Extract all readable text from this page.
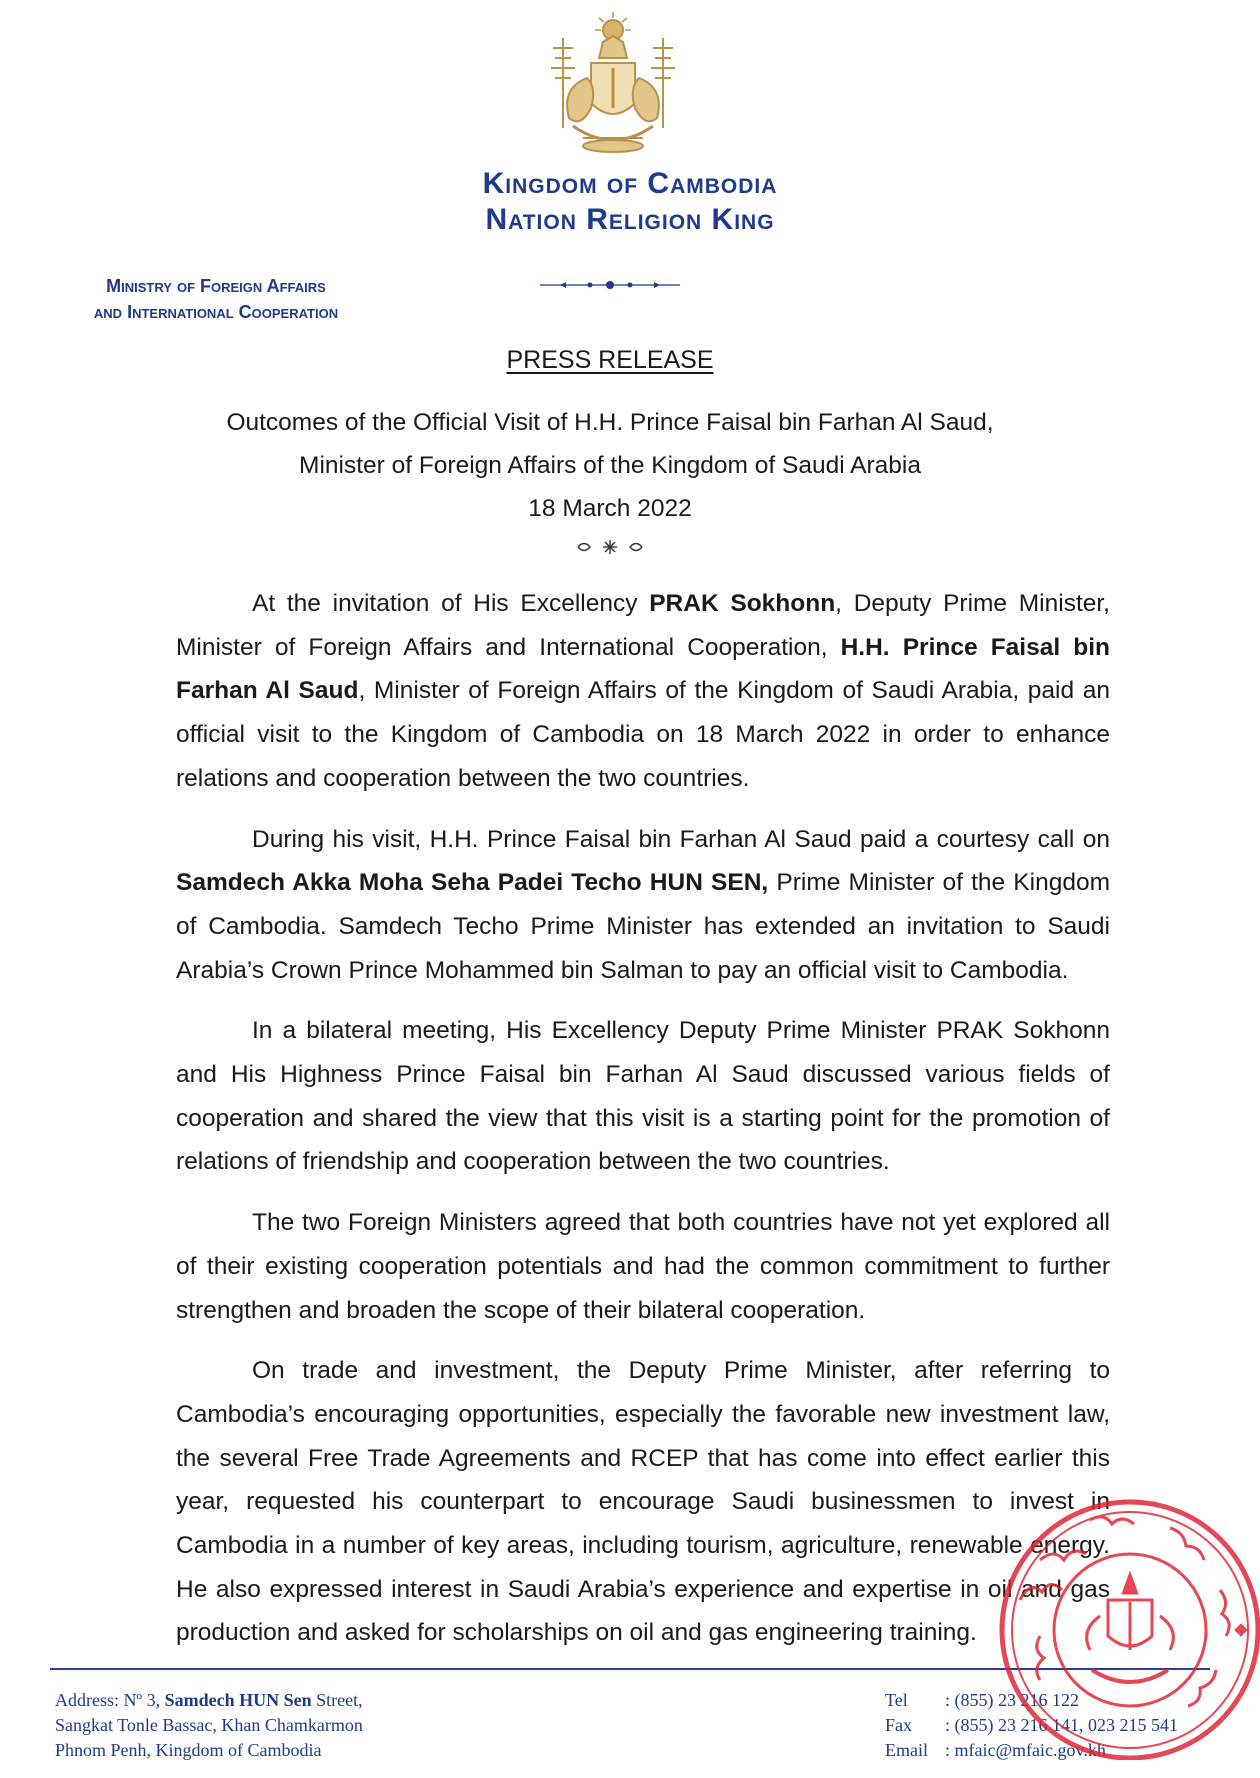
Kingdom of Cambodia
Nation Religion King
Ministry of Foreign Affairs
and International Cooperation
PRESS RELEASE
Outcomes of the Official Visit of H.H. Prince Faisal bin Farhan Al Saud,
Minister of Foreign Affairs of the Kingdom of Saudi Arabia
18 March 2022

At the invitation of His Excellency PRAK Sokhonn, Deputy Prime Minister, Minister of Foreign Affairs and International Cooperation, H.H. Prince Faisal bin Farhan Al Saud, Minister of Foreign Affairs of the Kingdom of Saudi Arabia, paid an official visit to the Kingdom of Cambodia on 18 March 2022 in order to enhance relations and cooperation between the two countries.

During his visit, H.H. Prince Faisal bin Farhan Al Saud paid a courtesy call on Samdech Akka Moha Seha Padei Techo HUN SEN, Prime Minister of the Kingdom of Cambodia. Samdech Techo Prime Minister has extended an invitation to Saudi Arabia’s Crown Prince Mohammed bin Salman to pay an official visit to Cambodia.

In a bilateral meeting, His Excellency Deputy Prime Minister PRAK Sokhonn and His Highness Prince Faisal bin Farhan Al Saud discussed various fields of cooperation and shared the view that this visit is a starting point for the promotion of relations of friendship and cooperation between the two countries.

The two Foreign Ministers agreed that both countries have not yet explored all of their existing cooperation potentials and had the common commitment to further strengthen and broaden the scope of their bilateral cooperation.

On trade and investment, the Deputy Prime Minister, after referring to Cambodia’s encouraging opportunities, especially the favorable new investment law, the several Free Trade Agreements and RCEP that has come into effect earlier this year, requested his counterpart to encourage Saudi businessmen to invest in Cambodia in a number of key areas, including tourism, agriculture, renewable energy. He also expressed interest in Saudi Arabia’s experience and expertise in oil and gas production and asked for scholarships on oil and gas engineering training.

Address: Nº 3, Samdech HUN Sen Street,
Sangkat Tonle Bassac, Khan Chamkarmon
Phnom Penh, Kingdom of Cambodia
Tel : (855) 23 216 122
Fax : (855) 23 216 141, 023 215 541
Email : mfaic@mfaic.gov.kh
